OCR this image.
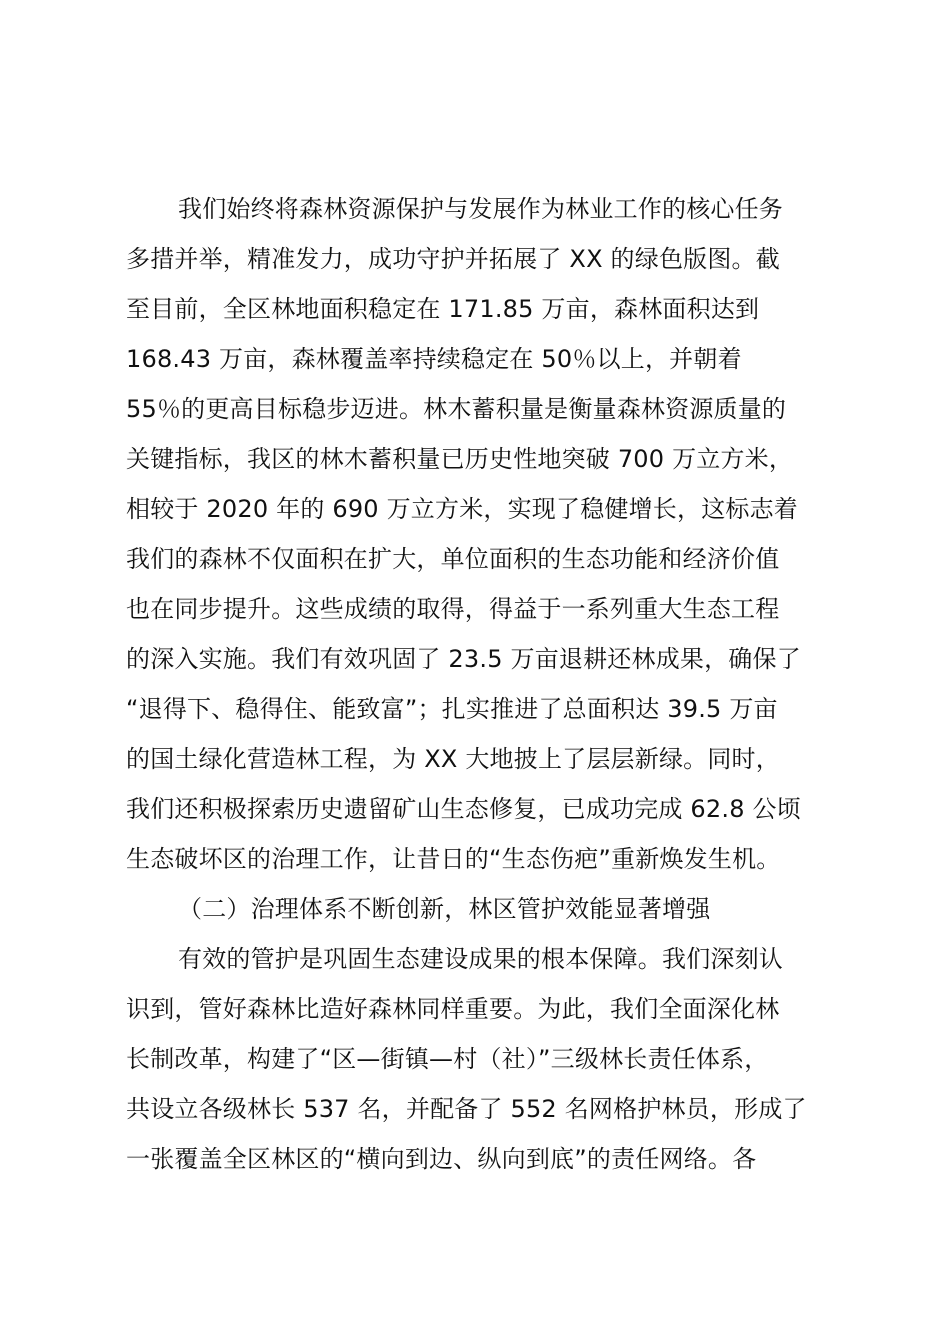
我们始终将森林资源保护与发展作为林业工作的核心任务
多措并举，精准发力，成功守护并拓展了 XX 的绿色版图。截
至目前，全区林地面积稳定在 171.85 万亩，森林面积达到
168.43 万亩，森林覆盖率持续稳定在 50％以上，并朝着
55％的更高目标稳步迈进。林木蓄积量是衡量森林资源质量的
关键指标，我区的林木蓄积量已历史性地突破 700 万立方米，
相较于 2020 年的 690 万立方米，实现了稳健增长，这标志着
我们的森林不仅面积在扩大，单位面积的生态功能和经济价值
也在同步提升。这些成绩的取得，得益于一系列重大生态工程
的深入实施。我们有效巩固了 23.5 万亩退耕还林成果，确保了
“退得下、稳得住、能致富”；扎实推进了总面积达 39.5 万亩
的国土绿化营造林工程，为 XX 大地披上了层层新绿。同时，
我们还积极探索历史遗留矿山生态修复，已成功完成 62.8 公顷
生态破坏区的治理工作，让昔日的“生态伤疤”重新焕发生机。
（二）治理体系不断创新，林区管护效能显著增强
有效的管护是巩固生态建设成果的根本保障。我们深刻认
识到，管好森林比造好森林同样重要。为此，我们全面深化林
长制改革，构建了“区—街镇—村（社）”三级林长责任体系，
共设立各级林长 537 名，并配备了 552 名网格护林员，形成了
一张覆盖全区林区的“横向到边、纵向到底”的责任网络。各
